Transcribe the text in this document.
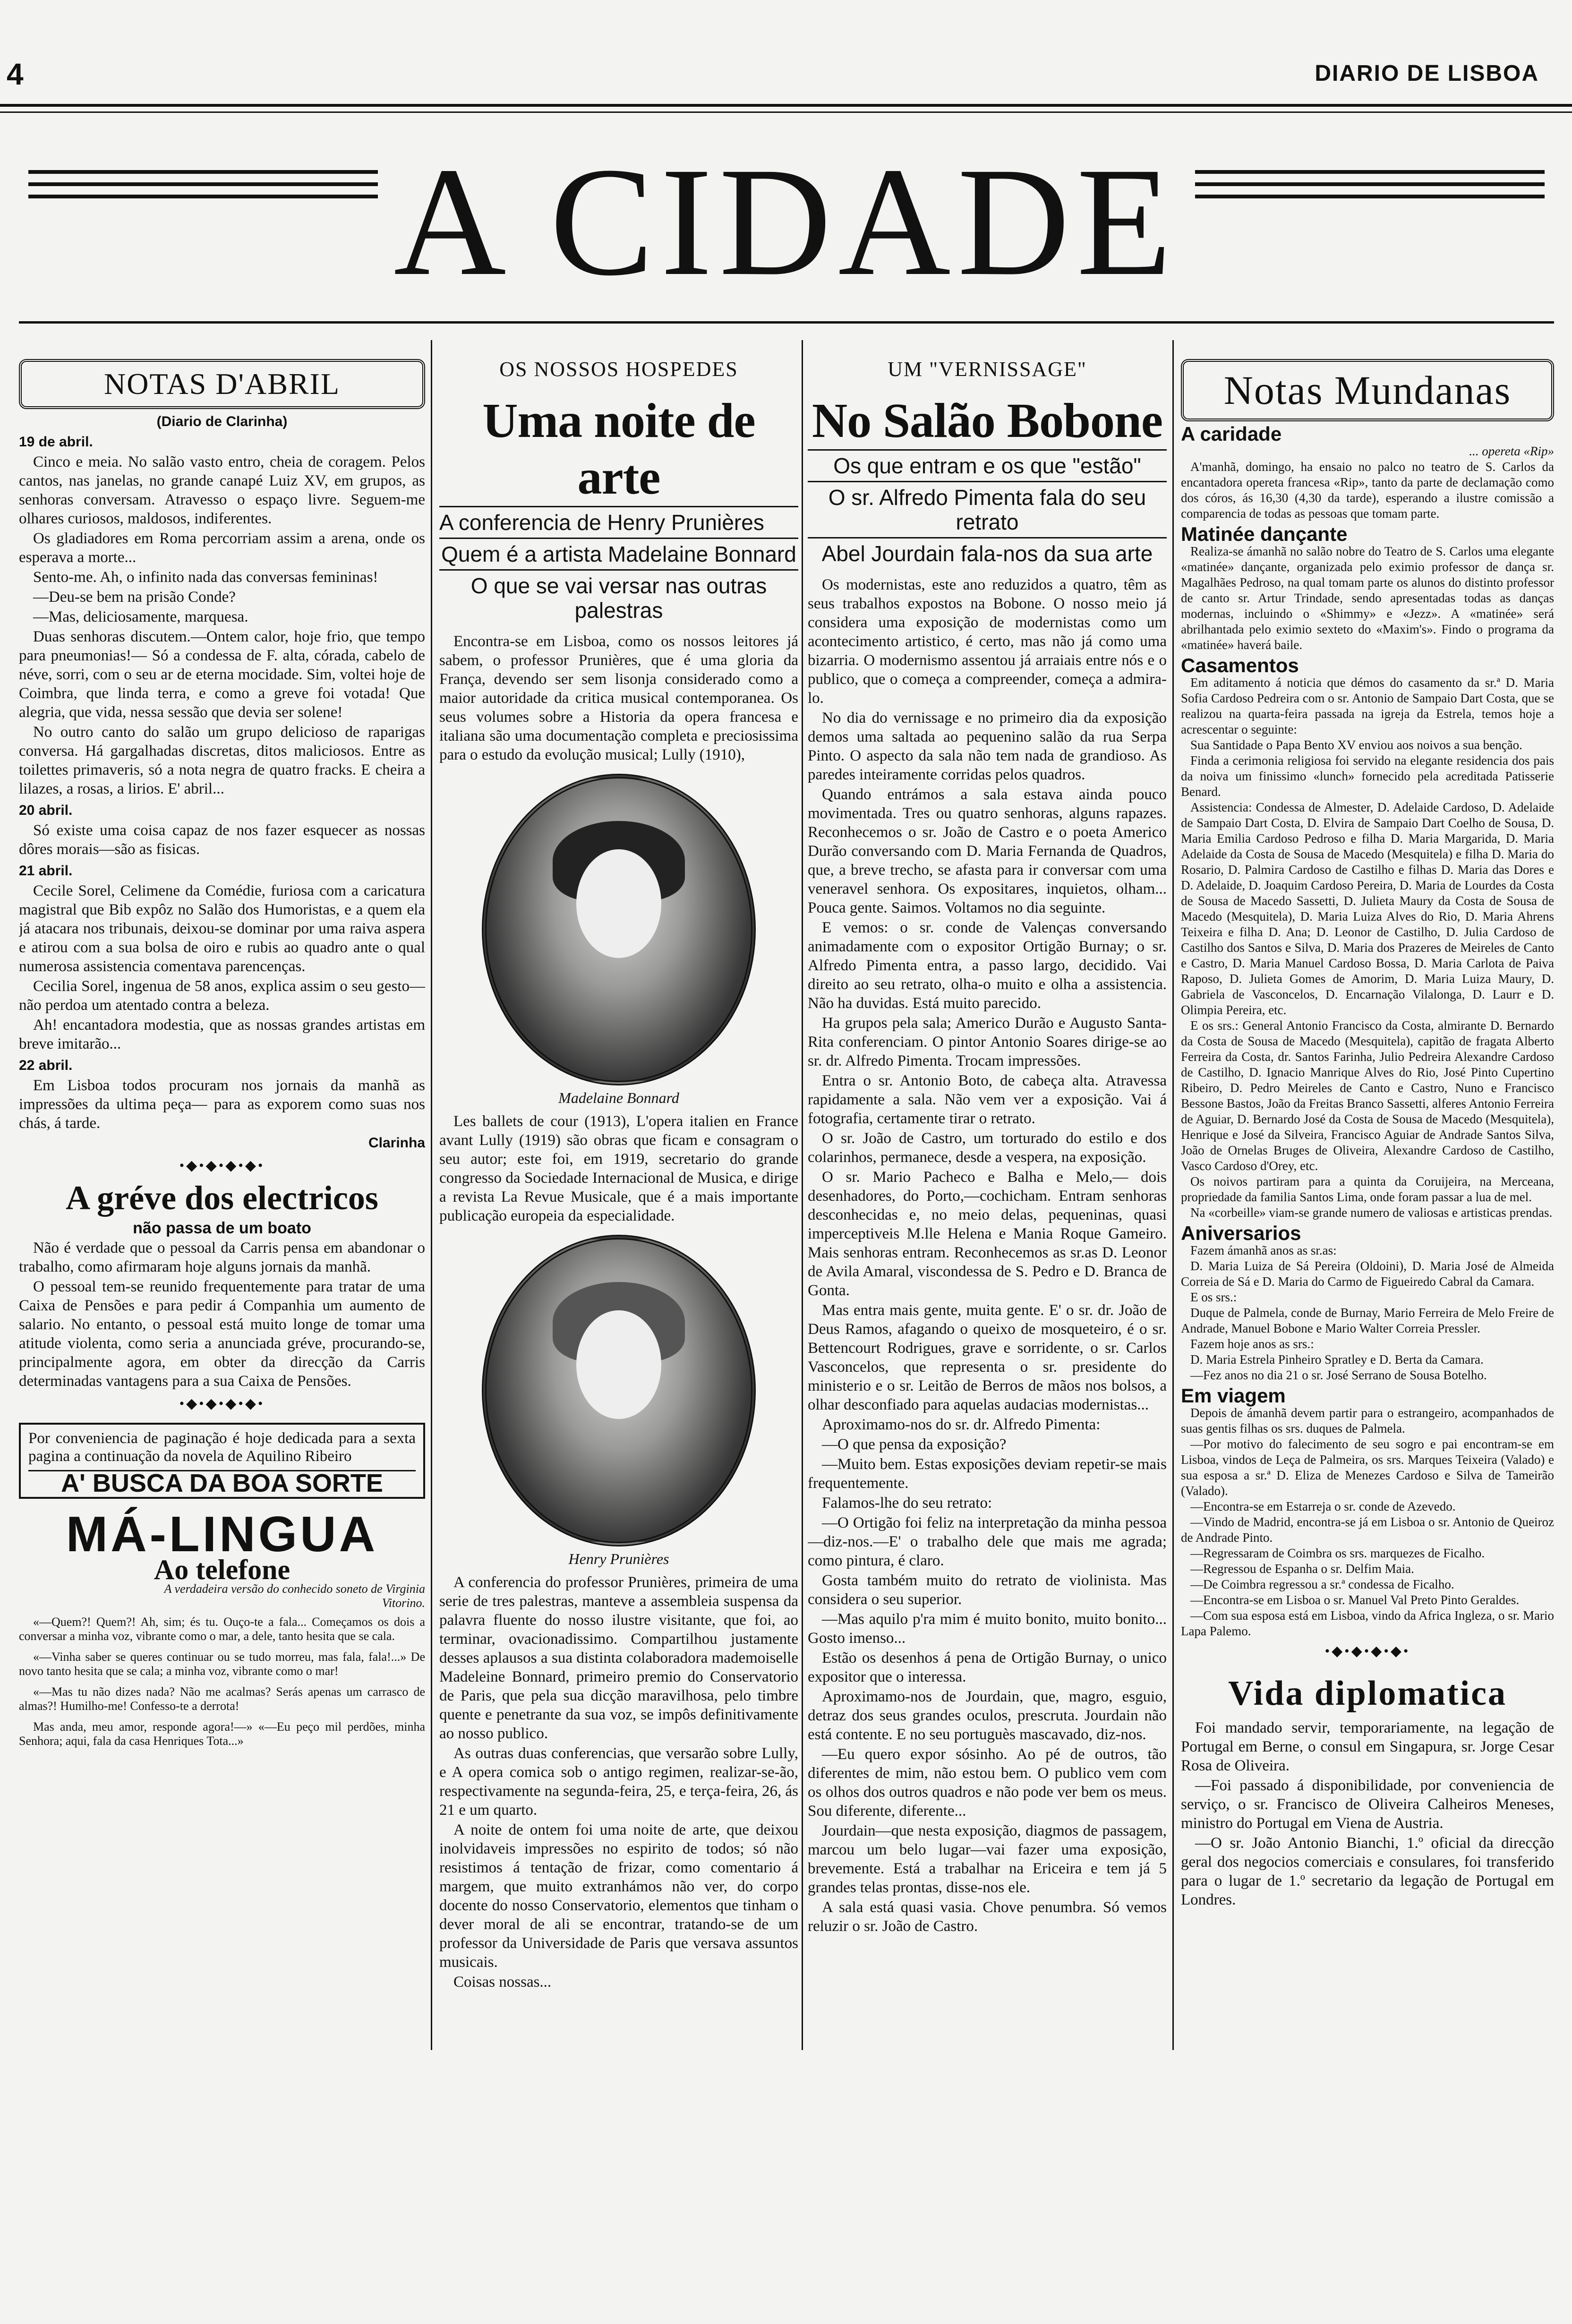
4	DIARIO DE LISBOA
A CIDADE
NOTAS D'ABRIL
(Diario de Clarinha)
19 de abril.

Cinco e meia. No salão vasto entro, cheia de coragem. Pelos cantos, nas janelas, no grande canapé Luiz XV, em grupos, as senhoras conversam. Atravesso o espaço livre. Seguem-me olhares curiosos, maldosos, indiferentes.

Os gladiadores em Roma percorriam assim a arena, onde os esperava a morte...

Sento-me. Ah, o infinito nada das conversas femininas!

—Deu-se bem na prisão Conde?

—Mas, deliciosamente, marquesa.

Duas senhoras discutem.—Ontem calor, hoje frio, que tempo para pneumonias!— Só a condessa de F. alta, córada, cabelo de néve, sorri, com o seu ar de eterna mocidade. Sim, voltei hoje de Coimbra, que linda terra, e como a greve foi votada! Que alegria, que vida, nessa sessão que devia ser solene!

No outro canto do salão um grupo delicioso de raparigas conversa. Há gargalhadas discretas, ditos maliciosos. Entre as toilettes primaveris, só a nota negra de quatro fracks. E cheira a lilazes, a rosas, a lirios. E' abril...

20 abril.

Só existe uma coisa capaz de nos fazer esquecer as nossas dôres morais—são as fisicas.

21 abril.

Cecile Sorel, Celimene da Comédie, furiosa com a caricatura magistral que Bib expôz no Salão dos Humoristas, e a quem ela já atacara nos tribunais, deixou-se dominar por uma raiva aspera e atirou com a sua bolsa de oiro e rubis ao quadro ante o qual numerosa assistencia comentava parencenças.

Cecilia Sorel, ingenua de 58 anos, explica assim o seu gesto—não perdoa um atentado contra a beleza.

Ah! encantadora modestia, que as nossas grandes artistas em breve imitarão...

22 abril.

Em Lisboa todos procuram nos jornais da manhã as impressões da ultima peça— para as exporem como suas nos chás, á tarde.

Clarinha
•◆•◆•◆•◆•
A gréve dos electricos
não passa de um boato

Não é verdade que o pessoal da Carris pensa em abandonar o trabalho, como afirmaram hoje alguns jornais da manhã.

O pessoal tem-se reunido frequentemente para tratar de uma Caixa de Pensões e para pedir á Companhia um aumento de salario. No entanto, o pessoal está muito longe de tomar uma atitude violenta, como seria a anunciada gréve, procurando-se, principalmente agora, em obter da direcção da Carris determinadas vantagens para a sua Caixa de Pensões.

•◆•◆•◆•◆•
Por conveniencia de paginação é hoje dedicada para a sexta pagina a continuação da novela de Aquilino Ribeiro
A' BUSCA DA BOA SORTE
MÁ-LINGUA
Ao telefone
A verdadeira versão do conhecido soneto de Virginia Vitorino.

«—Quem?! Quem?! Ah, sim; és tu. Ouço-te a fala... Começamos os dois a conversar a minha voz, vibrante como o mar, a dele, tanto hesita que se cala.

«—Vinha saber se queres continuar ou se tudo morreu, mas fala, fala!...» De novo tanto hesita que se cala; a minha voz, vibrante como o mar!

«—Mas tu não dizes nada? Não me acalmas? Serás apenas um carrasco de almas?! Humilho-me! Confesso-te a derrota!

Mas anda, meu amor, responde agora!—» «—Eu peço mil perdões, minha Senhora; aqui, fala da casa Henriques Tota...»

OS NOSSOS HOSPEDES
Uma noite de arte
A conferencia de Henry Prunières
Quem é a artista Madelaine Bonnard
O que se vai versar nas outras palestras

Encontra-se em Lisboa, como os nossos leitores já sabem, o professor Prunières, que é uma gloria da França, devendo ser sem lisonja considerado como a maior autoridade da critica musical contemporanea. Os seus volumes sobre a Historia da opera francesa e italiana são uma documentação completa e preciosissima para o estudo da evolução musical; Lully (1910),

Madelaine Bonnard

Les ballets de cour (1913), L'opera italien en France avant Lully (1919) são obras que ficam e consagram o seu autor; este foi, em 1919, secretario do grande congresso da Sociedade Internacional de Musica, e dirige a revista La Revue Musicale, que é a mais importante publicação europeia da especialidade.

Henry Prunières

A conferencia do professor Prunières, primeira de uma serie de tres palestras, manteve a assembleia suspensa da palavra fluente do nosso ilustre visitante, que foi, ao terminar, ovacionadissimo. Compartilhou justamente desses aplausos a sua distinta colaboradora mademoiselle Madeleine Bonnard, primeiro premio do Conservatorio de Paris, que pela sua dicção maravilhosa, pelo timbre quente e penetrante da sua voz, se impôs definitivamente ao nosso publico.

As outras duas conferencias, que versarão sobre Lully, e A opera comica sob o antigo regimen, realizar-se-ão, respectivamente na segunda-feira, 25, e terça-feira, 26, ás 21 e um quarto.

A noite de ontem foi uma noite de arte, que deixou inolvidaveis impressões no espirito de todos; só não resistimos á tentação de frizar, como comentario á margem, que muito extranhámos não ver, do corpo docente do nosso Conservatorio, elementos que tinham o dever moral de ali se encontrar, tratando-se de um professor da Universidade de Paris que versava assuntos musicais.

Coisas nossas...

UM "VERNISSAGE"
No Salão Bobone
Os que entram e os que "estão"
O sr. Alfredo Pimenta fala do seu retrato
Abel Jourdain fala-nos da sua arte

Os modernistas, este ano reduzidos a quatro, têm as seus trabalhos expostos na Bobone. O nosso meio já considera uma exposição de modernistas como um acontecimento artistico, é certo, mas não já como uma bizarria. O modernismo assentou já arraiais entre nós e o publico, que o começa a compreender, começa a admira-lo.

No dia do vernissage e no primeiro dia da exposição demos uma saltada ao pequenino salão da rua Serpa Pinto. O aspecto da sala não tem nada de grandioso. As paredes inteiramente corridas pelos quadros.

Quando entrámos a sala estava ainda pouco movimentada. Tres ou quatro senhoras, alguns rapazes. Reconhecemos o sr. João de Castro e o poeta Americo Durão conversando com D. Maria Fernanda de Quadros, que, a breve trecho, se afasta para ir conversar com uma veneravel senhora. Os expositares, inquietos, olham... Pouca gente. Saimos. Voltamos no dia seguinte.

E vemos: o sr. conde de Valenças conversando animadamente com o expositor Ortigão Burnay; o sr. Alfredo Pimenta entra, a passo largo, decidido. Vai direito ao seu retrato, olha-o muito e olha a assistencia. Não ha duvidas. Está muito parecido.

Ha grupos pela sala; Americo Durão e Augusto Santa-Rita conferenciam. O pintor Antonio Soares dirige-se ao sr. dr. Alfredo Pimenta. Trocam impressões.

Entra o sr. Antonio Boto, de cabeça alta. Atravessa rapidamente a sala. Não vem ver a exposição. Vai á fotografia, certamente tirar o retrato.

O sr. João de Castro, um torturado do estilo e dos colarinhos, permanece, desde a vespera, na exposição.

O sr. Mario Pacheco e Balha e Melo,— dois desenhadores, do Porto,—cochicham. Entram senhoras desconhecidas e, no meio delas, pequeninas, quasi imperceptiveis M.lle Helena e Mania Roque Gameiro. Mais senhoras entram. Reconhecemos as sr.as D. Leonor de Avila Amaral, viscondessa de S. Pedro e D. Branca de Gonta.

Mas entra mais gente, muita gente. E' o sr. dr. João de Deus Ramos, afagando o queixo de mosqueteiro, é o sr. Bettencourt Rodrigues, grave e sorridente, o sr. Carlos Vasconcelos, que representa o sr. presidente do ministerio e o sr. Leitão de Berros de mãos nos bolsos, a olhar desconfiado para aquelas audacias modernistas...

Aproximamo-nos do sr. dr. Alfredo Pimenta:

—O que pensa da exposição?

—Muito bem. Estas exposições deviam repetir-se mais frequentemente.

Falamos-lhe do seu retrato:

—O Ortigão foi feliz na interpretação da minha pessoa—diz-nos.—E' o trabalho dele que mais me agrada; como pintura, é claro.

Gosta também muito do retrato de violinista. Mas considera o seu superior.

—Mas aquilo p'ra mim é muito bonito, muito bonito... Gosto imenso...

Estão os desenhos á pena de Ortigão Burnay, o unico expositor que o interessa.

Aproximamo-nos de Jourdain, que, magro, esguio, detraz dos seus grandes oculos, prescruta. Jourdain não está contente. E no seu portuguès mascavado, diz-nos.

—Eu quero expor sósinho. Ao pé de outros, tão diferentes de mim, não estou bem. O publico vem com os olhos dos outros quadros e não pode ver bem os meus. Sou diferente, diferente...

Jourdain—que nesta exposição, diagmos de passagem, marcou um belo lugar—vai fazer uma exposição, brevemente. Está a trabalhar na Ericeira e tem já 5 grandes telas prontas, disse-nos ele.

A sala está quasi vasia. Chove penumbra. Só vemos reluzir o sr. João de Castro.

Notas Mundanas
A caridade
... opereta «Rip»

A'manhã, domingo, ha ensaio no palco no teatro de S. Carlos da encantadora opereta francesa «Rip», tanto da parte de declamação como dos córos, ás 16,30 (4,30 da tarde), esperando a ilustre comissão a comparencia de todas as pessoas que tomam parte.

Matinée dançante

Realiza-se ámanhã no salão nobre do Teatro de S. Carlos uma elegante «matinée» dançante, organizada pelo eximio professor de dança sr. Magalhães Pedroso, na qual tomam parte os alunos do distinto professor de canto sr. Artur Trindade, sendo apresentadas todas as danças modernas, incluindo o «Shimmy» e «Jezz». A «matinée» será abrilhantada pelo eximio sexteto do «Maxim's». Findo o programa da «matinée» haverá baile.

Casamentos

Em aditamento á noticia que démos do casamento da sr.ª D. Maria Sofia Cardoso Pedreira com o sr. Antonio de Sampaio Dart Costa, que se realizou na quarta-feira passada na igreja da Estrela, temos hoje a acrescentar o seguinte:

Sua Santidade o Papa Bento XV enviou aos noivos a sua benção.

Finda a cerimonia religiosa foi servido na elegante residencia dos pais da noiva um finissimo «lunch» fornecido pela acreditada Patisserie Benard.

Assistencia: Condessa de Almester, D. Adelaide Cardoso, D. Adelaide de Sampaio Dart Costa, D. Elvira de Sampaio Dart Coelho de Sousa, D. Maria Emilia Cardoso Pedroso e filha D. Maria Margarida, D. Maria Adelaide da Costa de Sousa de Macedo (Mesquitela) e filha D. Maria do Rosario, D. Palmira Cardoso de Castilho e filhas D. Maria das Dores e D. Adelaide, D. Joaquim Cardoso Pereira, D. Maria de Lourdes da Costa de Sousa de Macedo Sassetti, D. Julieta Maury da Costa de Sousa de Macedo (Mesquitela), D. Maria Luiza Alves do Rio, D. Maria Ahrens Teixeira e filha D. Ana; D. Leonor de Castilho, D. Julia Cardoso de Castilho dos Santos e Silva, D. Maria dos Prazeres de Meireles de Canto e Castro, D. Maria Manuel Cardoso Bossa, D. Maria Carlota de Paiva Raposo, D. Julieta Gomes de Amorim, D. Maria Luiza Maury, D. Gabriela de Vasconcelos, D. Encarnação Vilalonga, D. Laurr e D. Olimpia Pereira, etc.

E os srs.: General Antonio Francisco da Costa, almirante D. Bernardo da Costa de Sousa de Macedo (Mesquitela), capitão de fragata Alberto Ferreira da Costa, dr. Santos Farinha, Julio Pedreira Alexandre Cardoso de Castilho, D. Ignacio Manrique Alves do Rio, José Pinto Cupertino Ribeiro, D. Pedro Meireles de Canto e Castro, Nuno e Francisco Bessone Bastos, João da Freitas Branco Sassetti, alferes Antonio Ferreira de Aguiar, D. Bernardo José da Costa de Sousa de Macedo (Mesquitela), Henrique e José da Silveira, Francisco Aguiar de Andrade Santos Silva, João de Ornelas Bruges de Oliveira, Alexandre Cardoso de Castilho, Vasco Cardoso d'Orey, etc.

Os noivos partiram para a quinta da Coruijeira, na Merceana, propriedade da familia Santos Lima, onde foram passar a lua de mel.

Na «corbeille» viam-se grande numero de valiosas e artisticas prendas.

Aniversarios

Fazem ámanhã anos as sr.as:

D. Maria Luiza de Sá Pereira (Oldoini), D. Maria José de Almeida Correia de Sá e D. Maria do Carmo de Figueiredo Cabral da Camara.

E os srs.:

Duque de Palmela, conde de Burnay, Mario Ferreira de Melo Freire de Andrade, Manuel Bobone e Mario Walter Correia Pressler.

Fazem hoje anos as srs.:

D. Maria Estrela Pinheiro Spratley e D. Berta da Camara.

—Fez anos no dia 21 o sr. José Serrano de Sousa Botelho.

Em viagem

Depois de ámanhã devem partir para o estrangeiro, acompanhados de suas gentis filhas os srs. duques de Palmela.

—Por motivo do falecimento de seu sogro e pai encontram-se em Lisboa, vindos de Leça de Palmeira, os srs. Marques Teixeira (Valado) e sua esposa a sr.ª D. Eliza de Menezes Cardoso e Silva de Tameirão (Valado).

—Encontra-se em Estarreja o sr. conde de Azevedo.

—Vindo de Madrid, encontra-se já em Lisboa o sr. Antonio de Queiroz de Andrade Pinto.

—Regressaram de Coimbra os srs. marquezes de Ficalho.

—Regressou de Espanha o sr. Delfim Maia.

—De Coimbra regressou a sr.ª condessa de Ficalho.

—Encontra-se em Lisboa o sr. Manuel Val Preto Pinto Geraldes.

—Com sua esposa está em Lisboa, vindo da Africa Ingleza, o sr. Mario Lapa Palemo.

•◆•◆•◆•◆•
Vida diplomatica

Foi mandado servir, temporariamente, na legação de Portugal em Berne, o consul em Singapura, sr. Jorge Cesar Rosa de Oliveira.

—Foi passado á disponibilidade, por conveniencia de serviço, o sr. Francisco de Oliveira Calheiros Meneses, ministro do Portugal em Viena de Austria.

—O sr. João Antonio Bianchi, 1.º oficial da direcção geral dos negocios comerciais e consulares, foi transferido para o lugar de 1.º secretario da legação de Portugal em Londres.
